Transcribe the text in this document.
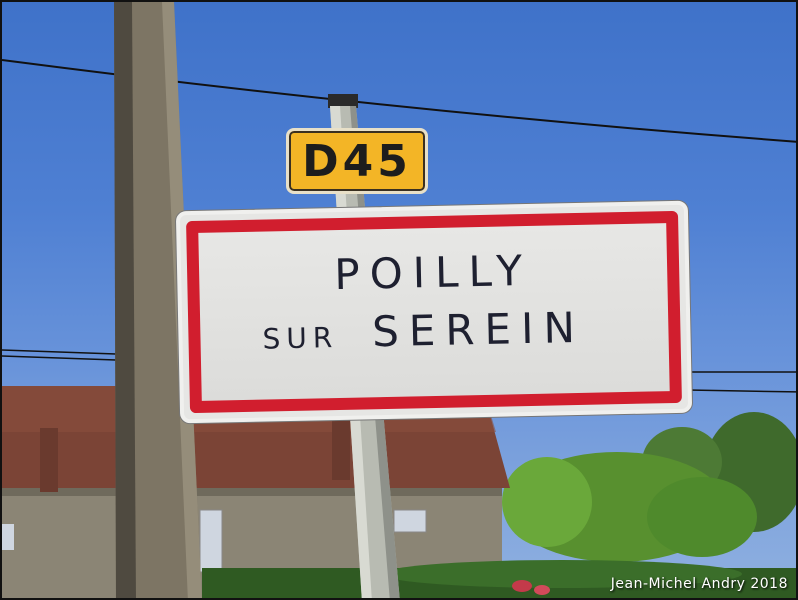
D45
POILLY
SUR SEREIN
Jean-Michel Andry 2018
